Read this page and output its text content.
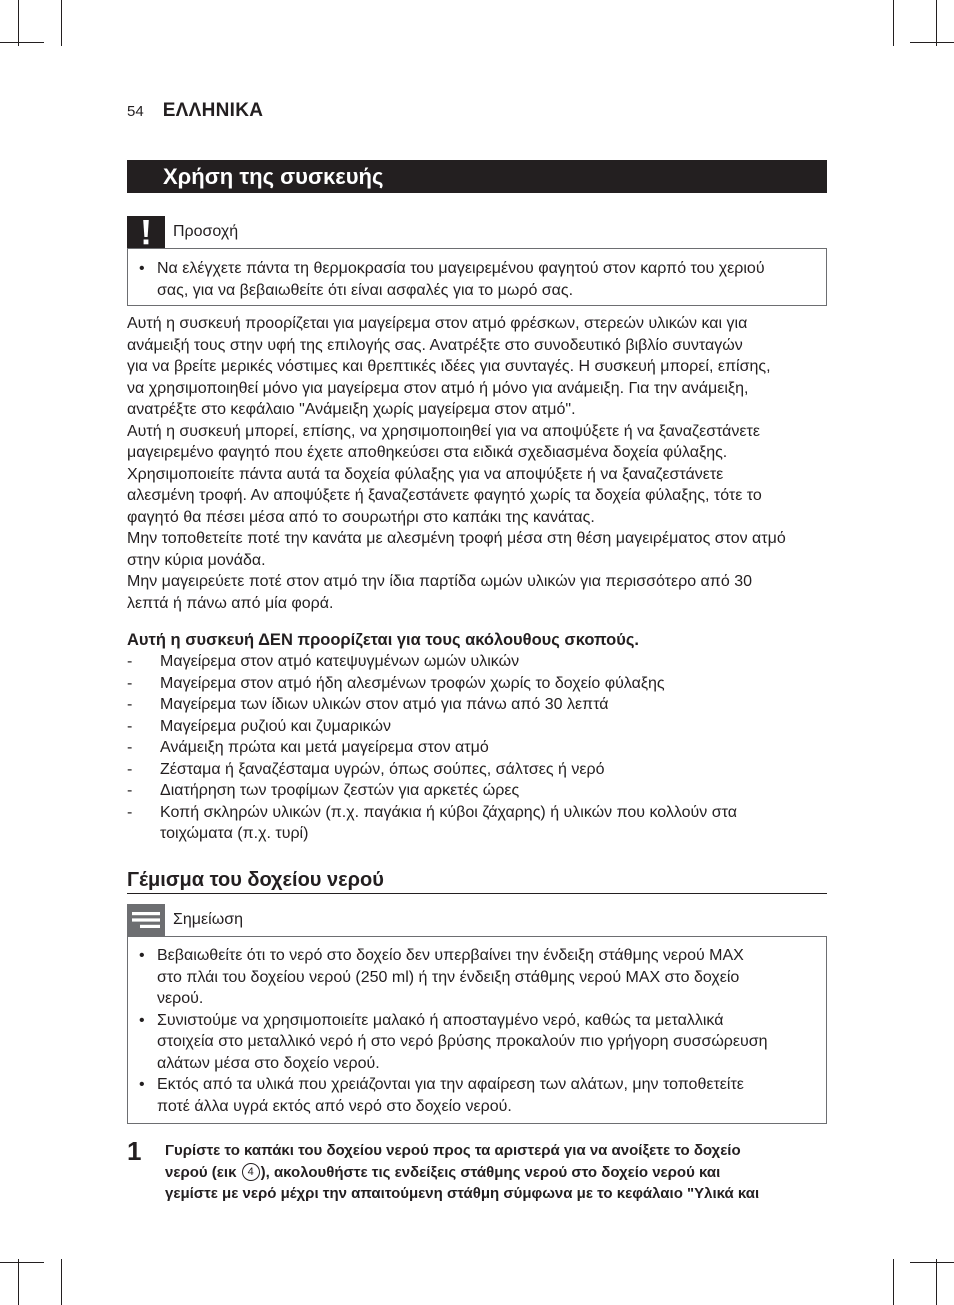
54 ΕΛΛΗΝΙΚΑ
Χρήση της συσκευής
Προσοχή
• Να ελέγχετε πάντα τη θερμοκρασία του μαγειρεμένου φαγητού στον καρπό του χεριού
σας, για να βεβαιωθείτε ότι είναι ασφαλές για το μωρό σας.
Αυτή η συσκευή προορίζεται για μαγείρεμα στον ατμό φρέσκων, στερεών υλικών και για
ανάμειξή τους στην υφή της επιλογής σας. Ανατρέξτε στο συνοδευτικό βιβλίο συνταγών
για να βρείτε μερικές νόστιμες και θρεπτικές ιδέες για συνταγές. Η συσκευή μπορεί, επίσης,
να χρησιμοποιηθεί μόνο για μαγείρεμα στον ατμό ή μόνο για ανάμειξη. Για την ανάμειξη,
ανατρέξτε στο κεφάλαιο "Ανάμειξη χωρίς μαγείρεμα στον ατμό".
Αυτή η συσκευή μπορεί, επίσης, να χρησιμοποιηθεί για να αποψύξετε ή να ξαναζεστάνετε
μαγειρεμένο φαγητό που έχετε αποθηκεύσει στα ειδικά σχεδιασμένα δοχεία φύλαξης.
Χρησιμοποιείτε πάντα αυτά τα δοχεία φύλαξης για να αποψύξετε ή να ξαναζεστάνετε
αλεσμένη τροφή. Αν αποψύξετε ή ξαναζεστάνετε φαγητό χωρίς τα δοχεία φύλαξης, τότε το
φαγητό θα πέσει μέσα από το σουρωτήρι στο καπάκι της κανάτας.
Μην τοποθετείτε ποτέ την κανάτα με αλεσμένη τροφή μέσα στη θέση μαγειρέματος στον ατμό
στην κύρια μονάδα.
Μην μαγειρεύετε ποτέ στον ατμό την ίδια παρτίδα ωμών υλικών για περισσότερο από 30
λεπτά ή πάνω από μία φορά.
Αυτή η συσκευή ΔΕΝ προορίζεται για τους ακόλουθους σκοπούς.
-	Μαγείρεμα στον ατμό κατεψυγμένων ωμών υλικών
-	Μαγείρεμα στον ατμό ήδη αλεσμένων τροφών χωρίς το δοχείο φύλαξης
-	Μαγείρεμα των ίδιων υλικών στον ατμό για πάνω από 30 λεπτά
-	Μαγείρεμα ρυζιού και ζυμαρικών
-	Ανάμειξη πρώτα και μετά μαγείρεμα στον ατμό
-	Ζέσταμα ή ξαναζέσταμα υγρών, όπως σούπες, σάλτσες ή νερό
-	Διατήρηση των τροφίμων ζεστών για αρκετές ώρες
-	Κοπή σκληρών υλικών (π.χ. παγάκια ή κύβοι ζάχαρης) ή υλικών που κολλούν στα
τοιχώματα (π.χ. τυρί)
Γέμισμα του δοχείου νερού
Σημείωση
• Βεβαιωθείτε ότι το νερό στο δοχείο δεν υπερβαίνει την ένδειξη στάθμης νερού MAX
στο πλάι του δοχείου νερού (250 ml) ή την ένδειξη στάθμης νερού MAX στο δοχείο
νερού.
• Συνιστούμε να χρησιμοποιείτε μαλακό ή αποσταγμένο νερό, καθώς τα μεταλλικά
στοιχεία στο μεταλλικό νερό ή στο νερό βρύσης προκαλούν πιο γρήγορη συσσώρευση
αλάτων μέσα στο δοχείο νερού.
• Εκτός από τα υλικά που χρειάζονται για την αφαίρεση των αλάτων, μην τοποθετείτε
ποτέ άλλα υγρά εκτός από νερό στο δοχείο νερού.
1 Γυρίστε το καπάκι του δοχείου νερού προς τα αριστερά για να ανοίξετε το δοχείο
νερού (εικ 4 ), ακολουθήστε τις ενδείξεις στάθμης νερού στο δοχείο νερού και
γεμίστε με νερό μέχρι την απαιτούμενη στάθμη σύμφωνα με το κεφάλαιο "Υλικά και
